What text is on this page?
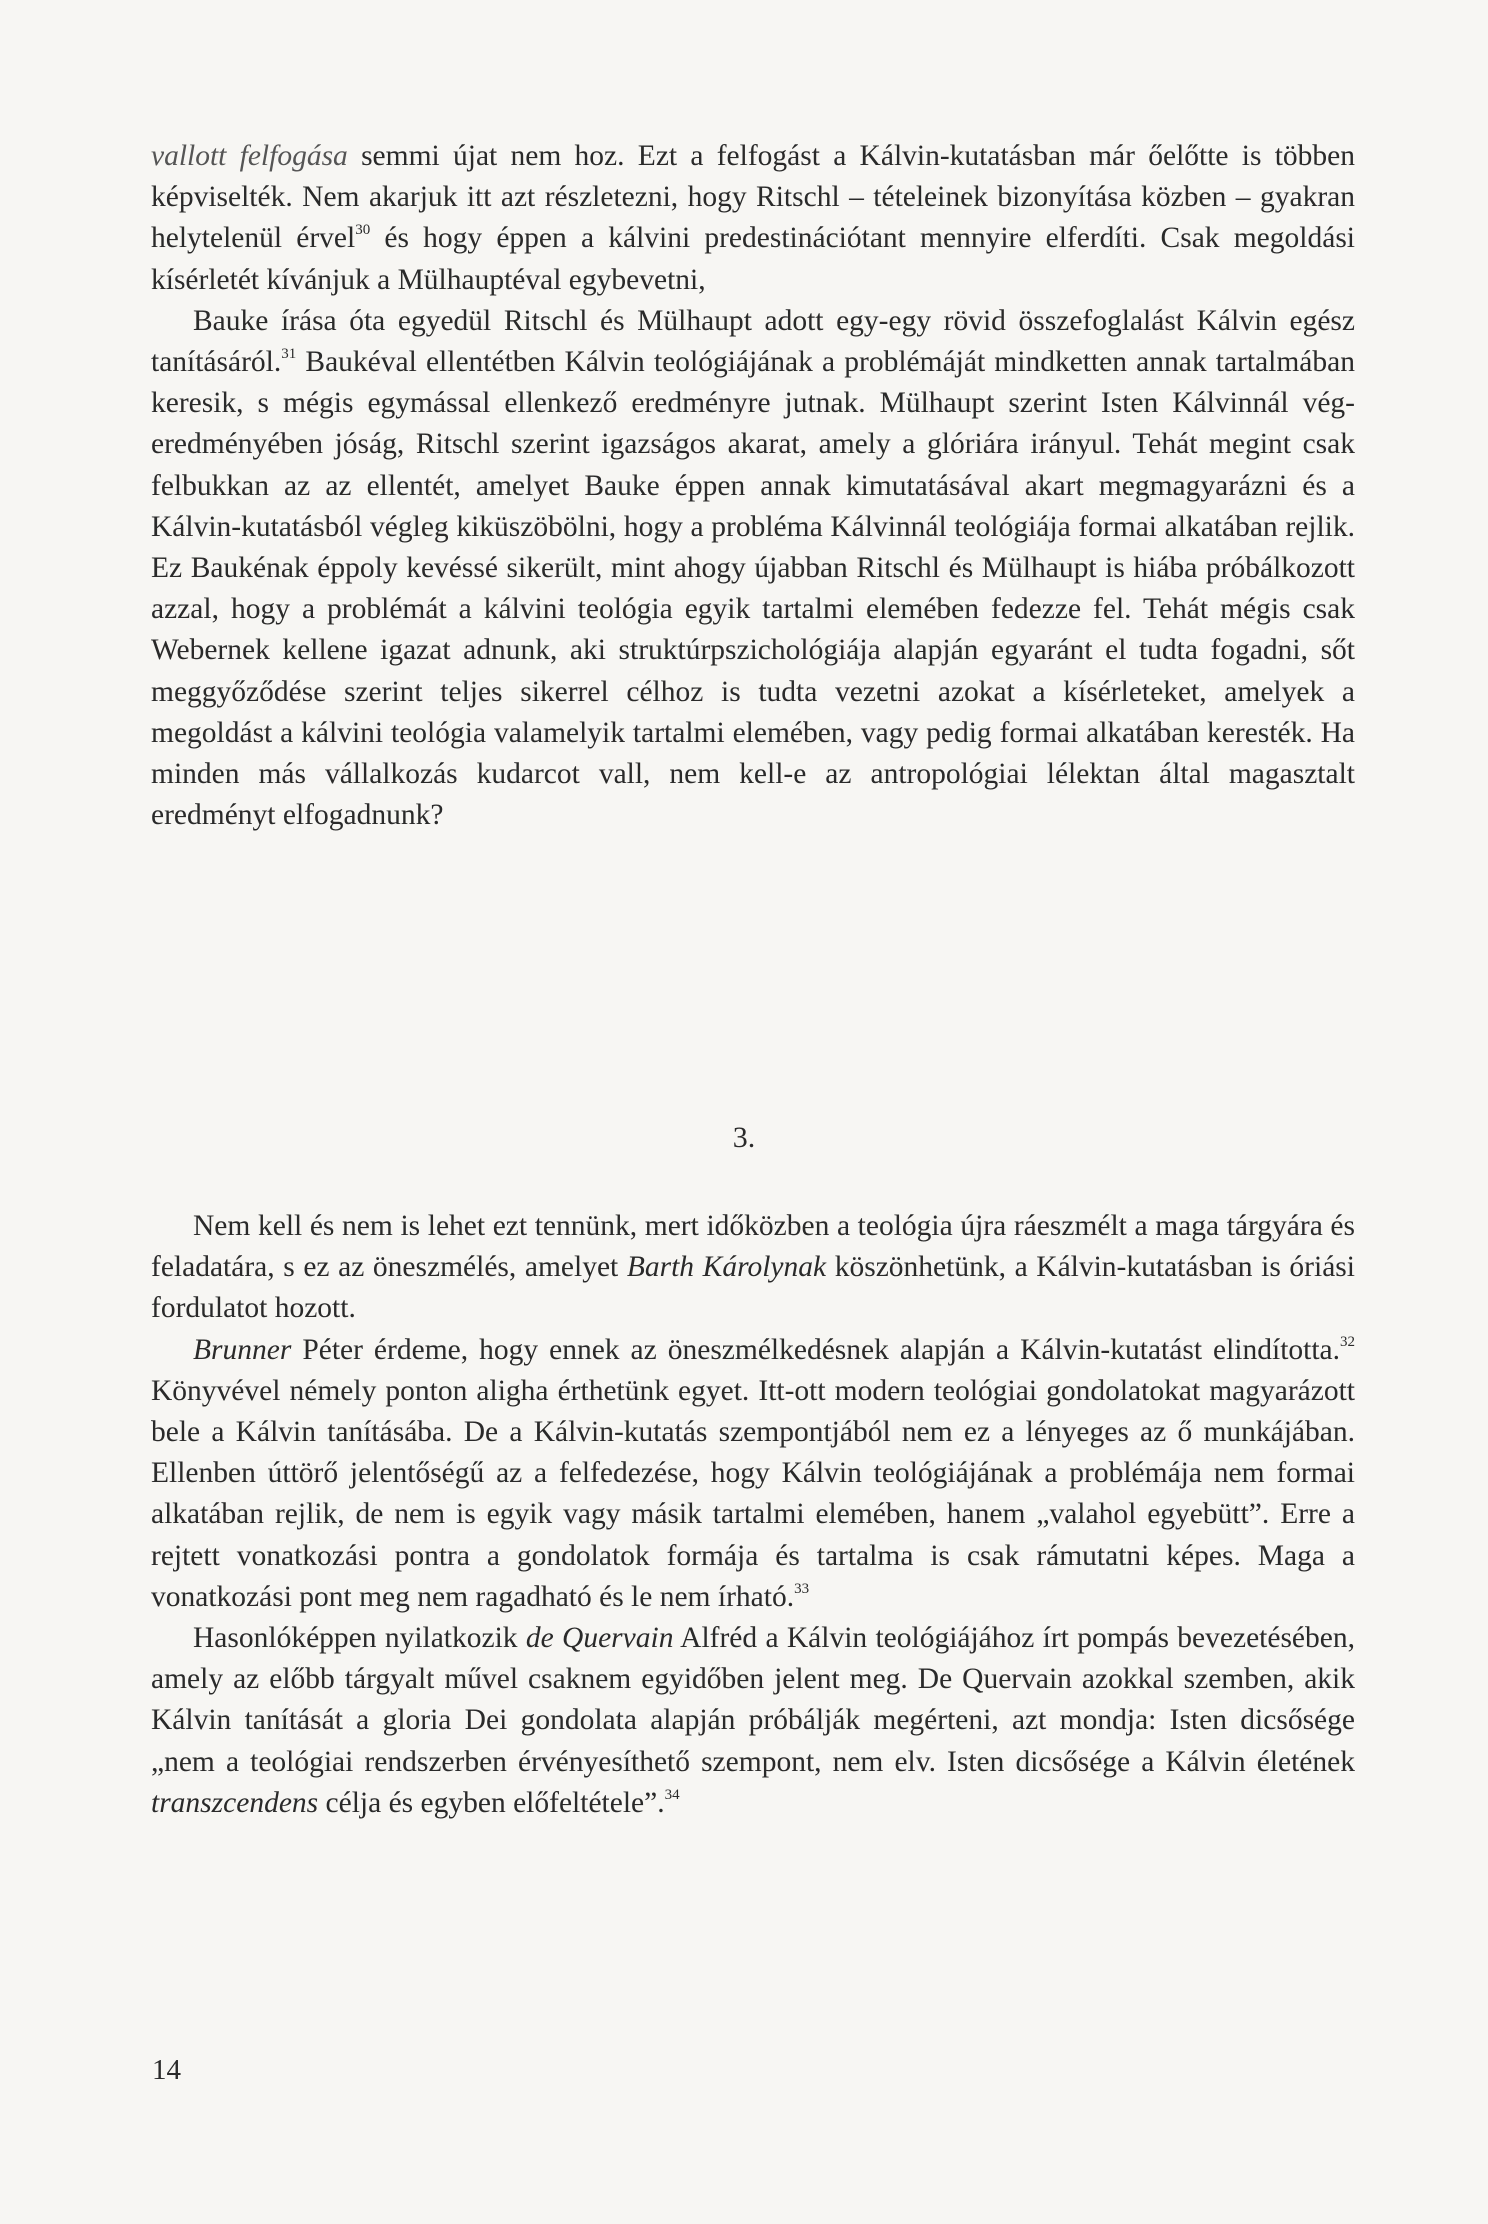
vallott felfogása semmi újat nem hoz. Ezt a felfogást a Kálvin-kutatásban már őelőtte is többen képviselték. Nem akarjuk itt azt részletezni, hogy Ritschl – tételeinek bizonyítása közben – gyakran helytelenül érvel$^{30}$ és hogy éppen a kálvini predestinációtant mennyire elferdíti. Csak megoldási kísérletét kívánjuk a Mülhauptéval egybevetni,

Bauke írása óta egyedül Ritschl és Mülhaupt adott egy-egy rövid összefoglalást Kálvin egész tanításáról.$^{31}$ Baukéval ellentétben Kálvin teológiájának a problémáját mindketten annak tartalmában keresik, s mégis egymással ellenkező eredményre jutnak. Mülhaupt szerint Isten Kálvinnál végeredményében jóság, Ritschl szerint igazságos akarat, amely a glóriára irányul. Tehát megint csak felbukkan az az ellentét, amelyet Bauke éppen annak kimutatásával akart megmagyarázni és a Kálvin-kutatásból végleg kiküszöbölni, hogy a probléma Kálvinnál teológiája formai alkatában rejlik. Ez Baukénak éppoly kevéssé sikerült, mint ahogy újabban Ritschl és Mülhaupt is hiába próbálkozott azzal, hogy a problémát a kálvini teológia egyik tartalmi elemében fedezze fel. Tehát mégis csak Webernek kellene igazat adnunk, aki struktúrpszichológiája alapján egyaránt el tudta fogadni, sőt meggyőződése szerint teljes sikerrel célhoz is tudta vezetni azokat a kísérleteket, amelyek a megoldást a kálvini teológia valamelyik tartalmi elemében, vagy pedig formai alkatában keresték. Ha minden más vállalkozás kudarcot vall, nem kell-e az antropológiai lélektan által magasztalt eredményt elfogadnunk?

3.

Nem kell és nem is lehet ezt tennünk, mert időközben a teológia újra ráeszmélt a maga tárgyára és feladatára, s ez az öneszmélés, amelyet Barth Károlynak köszönhetünk, a Kálvin-kutatásban is óriási fordulatot hozott.

Brunner Péter érdeme, hogy ennek az öneszmélkedésnek alapján a Kálvin-kutatást elindította.$^{32}$ Könyvével némely ponton aligha érthetünk egyet. Itt-ott modern teológiai gondolatokat magyarázott bele a Kálvin tanításába. De a Kálvin-kutatás szempontjából nem ez a lényeges az ő munkájában. Ellenben úttörő jelentőségű az a felfedezése, hogy Kálvin teológiájának a problémája nem formai alkatában rejlik, de nem is egyik vagy másik tartalmi elemében, hanem „valahol egyebütt”. Erre a rejtett vonatkozási pontra a gondolatok formája és tartalma is csak rámutatni képes. Maga a vonatkozási pont meg nem ragadható és le nem írható.$^{33}$

Hasonlóképpen nyilatkozik de Quervain Alfréd a Kálvin teológiájához írt pompás bevezetésében, amely az előbb tárgyalt művel csaknem egyidőben jelent meg. De Quervain azokkal szemben, akik Kálvin tanítását a gloria Dei gondolata alapján próbálják megérteni, azt mondja: Isten dicsősége „nem a teológiai rendszerben érvényesíthető szempont, nem elv. Isten dicsősége a Kálvin életének transzcendens célja és egyben előfeltétele”.$^{34}$

14
